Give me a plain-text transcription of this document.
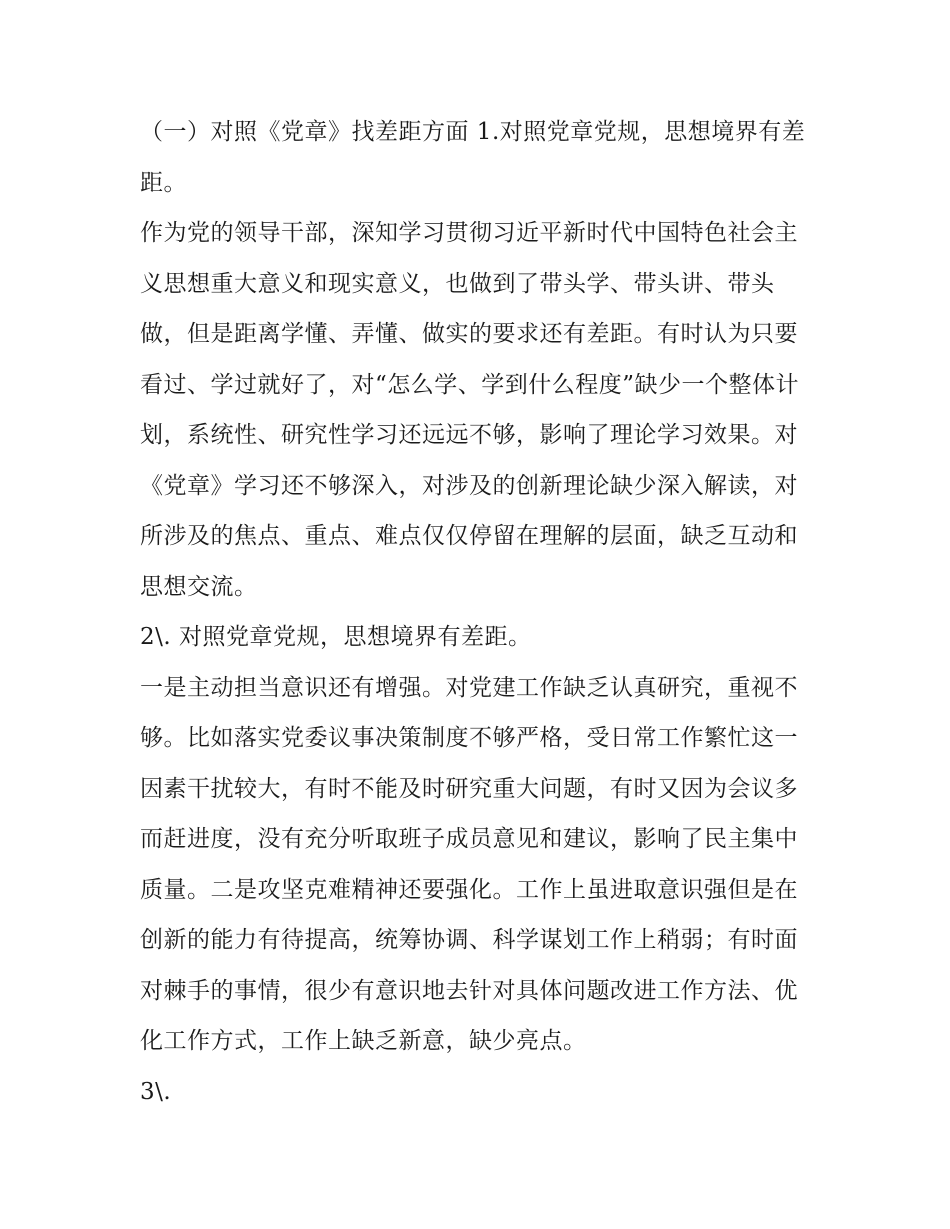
（一）对照《党章》找差距方面 1.对照党章党规，思想境界有差距。

作为党的领导干部，深知学习贯彻习近平新时代中国特色社会主义思想重大意义和现实意义，也做到了带头学、带头讲、带头做，但是距离学懂、弄懂、做实的要求还有差距。有时认为只要看过、学过就好了，对“怎么学、学到什么程度”缺少一个整体计划，系统性、研究性学习还远远不够，影响了理论学习效果。对《党章》学习还不够深入，对涉及的创新理论缺少深入解读，对所涉及的焦点、重点、难点仅仅停留在理解的层面，缺乏互动和思想交流。

2\. 对照党章党规，思想境界有差距。

一是主动担当意识还有增强。对党建工作缺乏认真研究，重视不够。比如落实党委议事决策制度不够严格，受日常工作繁忙这一因素干扰较大，有时不能及时研究重大问题，有时又因为会议多而赶进度，没有充分听取班子成员意见和建议，影响了民主集中质量。二是攻坚克难精神还要强化。工作上虽进取意识强但是在创新的能力有待提高，统筹协调、科学谋划工作上稍弱；有时面对棘手的事情，很少有意识地去针对具体问题改进工作方法、优化工作方式，工作上缺乏新意，缺少亮点。

3\.
